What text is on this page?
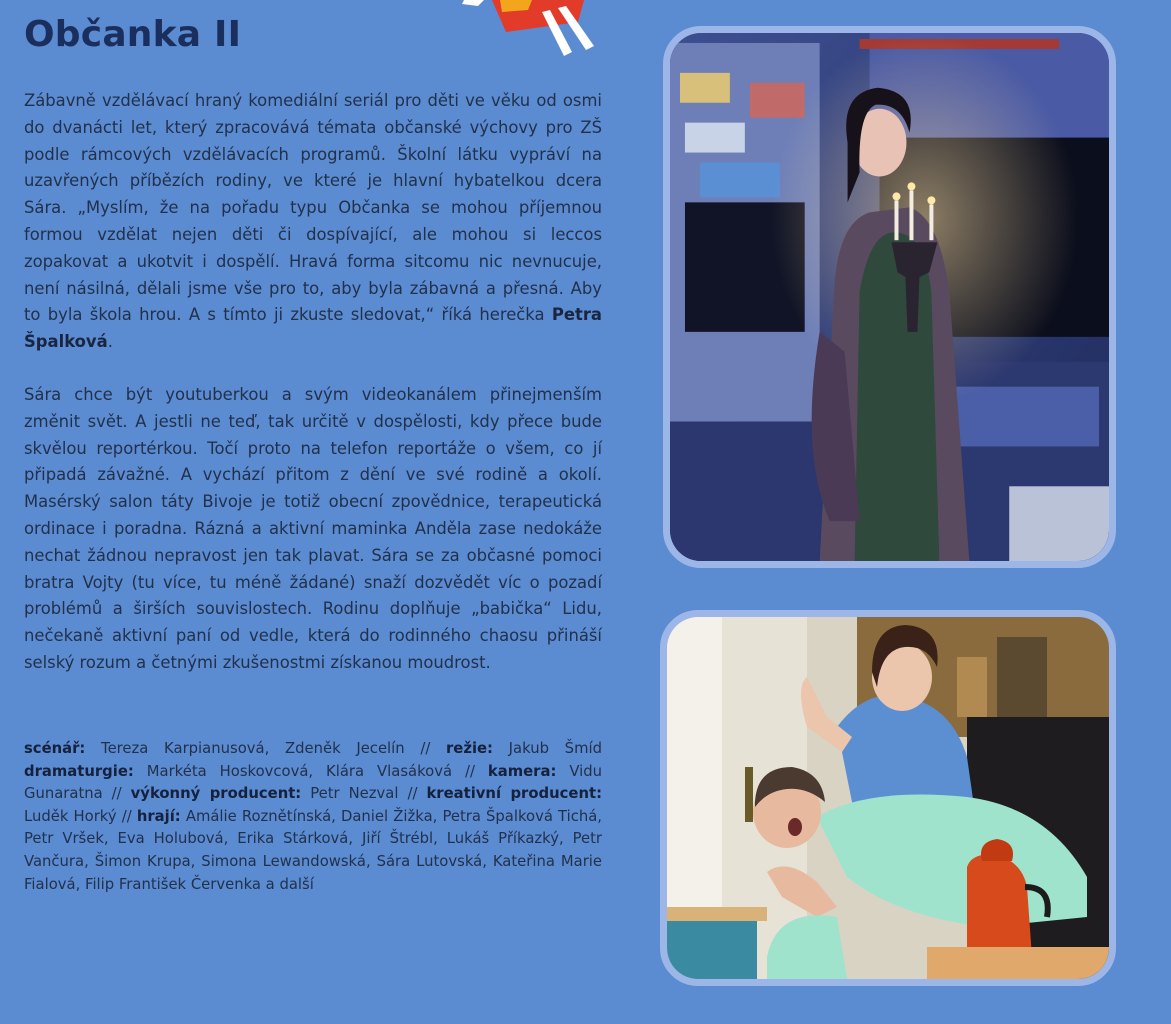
Občanka II

Zábavně vzdělávací hraný komediální seriál pro děti ve věku od osmi do dvanácti let, který zpracovává témata občanské výchovy pro ZŠ podle rámcových vzdělávacích programů. Školní látku vypráví na uzavřených příbězích rodiny, ve které je hlavní hybatelkou dcera Sára. „Myslím, že na pořadu typu Občanka se mohou příjemnou formou vzdělat nejen děti či dospívající, ale mohou si leccos zopakovat a ukotvit i dospělí. Hravá forma sitcomu nic nevnucuje, není násilná, dělali jsme vše pro to, aby byla zábavná a přesná. Aby to byla škola hrou. A s tímto ji zkuste sledovat,“ říká herečka Petra Špalková.

Sára chce být youtuberkou a svým videokanálem přinejmenším změnit svět. A jestli ne teď, tak určitě v dospělosti, kdy přece bude skvělou reportérkou. Točí proto na telefon reportáže o všem, co jí připadá závažné. A vychází přitom z dění ve své rodině a okolí. Masérský salon táty Bivoje je totiž obecní zpovědnice, terapeutická ordinace i poradna. Rázná a aktivní maminka Anděla zase nedokáže nechat žádnou nepravost jen tak plavat. Sára se za občasné pomoci bratra Vojty (tu více, tu méně žádané) snaží dozvědět víc o pozadí problémů a širších souvislostech. Rodinu doplňuje „babička“ Lidu, nečekaně aktivní paní od vedle, která do rodinného chaosu přináší selský rozum a četnými zkušenostmi získanou moudrost.

scénář: Tereza Karpianusová, Zdeněk Jecelín // režie: Jakub Šmíd dramaturgie: Markéta Hoskovcová, Klára Vlasáková // kamera: Vidu Gunaratna // výkonný producent: Petr Nezval // kreativní producent: Luděk Horký // hrají: Amálie Roznětínská, Daniel Žižka, Petra Špalková Tichá, Petr Vršek, Eva Holubová, Erika Stárková, Jiří Štrébl, Lukáš Příkazký, Petr Vančura, Šimon Krupa, Simona Lewandowská, Sára Lutovská, Kateřina Marie Fialová, Filip František Červenka a další
